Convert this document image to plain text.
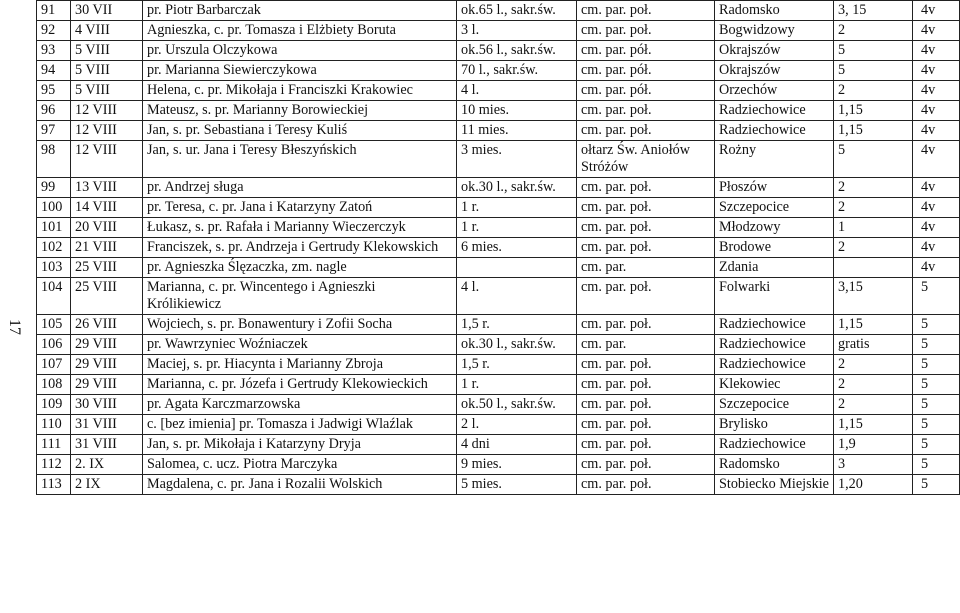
17
91	30 VII	pr. Piotr Barbarczak	ok.65 l., sakr.św.	cm. par. poł.	Radomsko	3, 15	4v
92	4 VIII	Agnieszka, c. pr. Tomasza i Elżbiety Boruta	3 l.	cm. par. poł.	Bogwidzowy	2	4v
93	5 VIII	pr. Urszula Olczykowa	ok.56 l., sakr.św.	cm. par. pół.	Okrajszów	5	4v
94	5 VIII	pr. Marianna Siewierczykowa	70 l., sakr.św.	cm. par. pół.	Okrajszów	5	4v
95	5 VIII	Helena, c. pr. Mikołaja i Franciszki Krakowiec	4 l.	cm. par. pół.	Orzechów	2	4v
96	12 VIII	Mateusz, s. pr. Marianny Borowieckiej	10 mies.	cm. par. poł.	Radziechowice	1,15	4v
97	12 VIII	Jan, s. pr. Sebastiana i Teresy Kuliś	11 mies.	cm. par. poł.	Radziechowice	1,15	4v
98	12 VIII	Jan, s. ur. Jana i Teresy Błeszyńskich	3 mies.	ołtarz Św. Aniołów Stróżów	Rożny	5	4v
99	13 VIII	pr. Andrzej sługa	ok.30 l., sakr.św.	cm. par. poł.	Płoszów	2	4v
100	14 VIII	pr. Teresa, c. pr. Jana i Katarzyny Zatoń	1 r.	cm. par. poł.	Szczepocice	2	4v
101	20 VIII	Łukasz, s. pr. Rafała i Marianny Wieczerczyk	1 r.	cm. par. poł.	Młodzowy	1	4v
102	21 VIII	Franciszek, s. pr. Andrzeja i Gertrudy Klekowskich	6 mies.	cm. par. poł.	Brodowe	2	4v
103	25 VIII	pr. Agnieszka Ślęzaczka, zm. nagle		cm. par.	Zdania		4v
104	25 VIII	Marianna, c. pr. Wincentego i Agnieszki Królikiewicz	4 l.	cm. par. poł.	Folwarki	3,15	5
105	26 VIII	Wojciech, s. pr. Bonawentury i Zofii Socha	1,5 r.	cm. par. poł.	Radziechowice	1,15	5
106	29 VIII	pr. Wawrzyniec Woźniaczek	ok.30 l., sakr.św.	cm. par.	Radziechowice	gratis	5
107	29 VIII	Maciej, s. pr. Hiacynta i Marianny Zbroja	1,5 r.	cm. par. poł.	Radziechowice	2	5
108	29 VIII	Marianna, c. pr. Józefa i Gertrudy Klekowieckich	1 r.	cm. par. poł.	Klekowiec	2	5
109	30 VIII	pr. Agata Karczmarzowska	ok.50 l., sakr.św.	cm. par. poł.	Szczepocice	2	5
110	31 VIII	c. [bez imienia] pr. Tomasza i Jadwigi Wlaźlak	2 l.	cm. par. poł.	Brylisko	1,15	5
111	31 VIII	Jan, s. pr. Mikołaja i Katarzyny Dryja	4 dni	cm. par. poł.	Radziechowice	1,9	5
112	2. IX	Salomea, c. ucz. Piotra Marczyka	9 mies.	cm. par. poł.	Radomsko	3	5
113	2 IX	Magdalena, c. pr. Jana i Rozalii Wolskich	5 mies.	cm. par. poł.	Stobiecko Miejskie	1,20	5
